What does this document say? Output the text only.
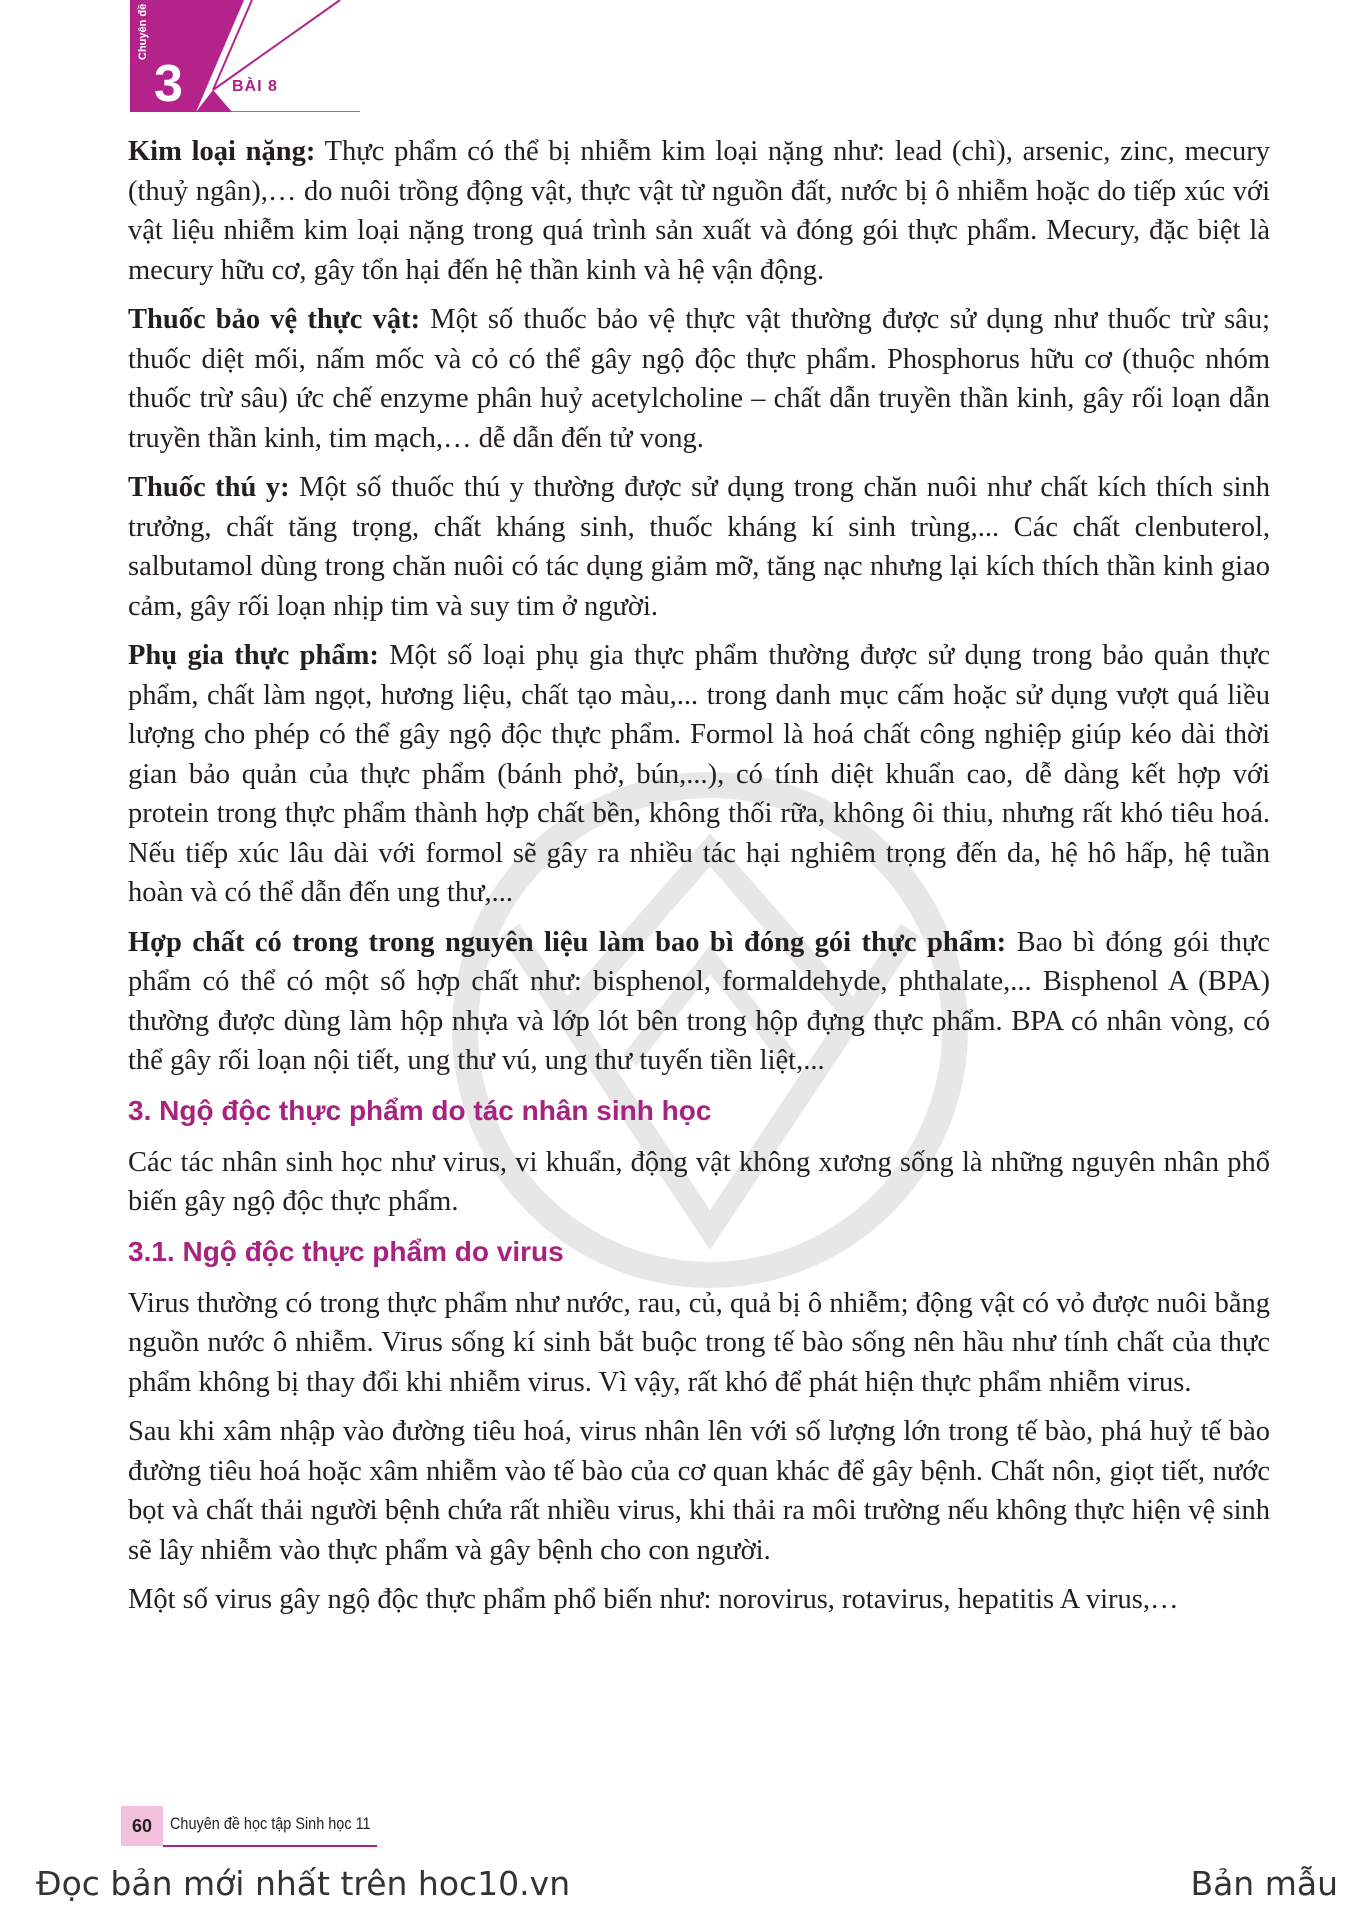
Chuyên đề
3	BÀI 8

Kim loại nặng: Thực phẩm có thể bị nhiễm kim loại nặng như: lead (chì), arsenic, zinc, mecury (thuỷ ngân),… do nuôi trồng động vật, thực vật từ nguồn đất, nước bị ô nhiễm hoặc do tiếp xúc với vật liệu nhiễm kim loại nặng trong quá trình sản xuất và đóng gói thực phẩm. Mecury, đặc biệt là mecury hữu cơ, gây tổn hại đến hệ thần kinh và hệ vận động.

Thuốc bảo vệ thực vật: Một số thuốc bảo vệ thực vật thường được sử dụng như thuốc trừ sâu; thuốc diệt mối, nấm mốc và cỏ có thể gây ngộ độc thực phẩm. Phosphorus hữu cơ (thuộc nhóm thuốc trừ sâu) ức chế enzyme phân huỷ acetylcholine – chất dẫn truyền thần kinh, gây rối loạn dẫn truyền thần kinh, tim mạch,… dễ dẫn đến tử vong.

Thuốc thú y: Một số thuốc thú y thường được sử dụng trong chăn nuôi như chất kích thích sinh trưởng, chất tăng trọng, chất kháng sinh, thuốc kháng kí sinh trùng,... Các chất clenbuterol, salbutamol dùng trong chăn nuôi có tác dụng giảm mỡ, tăng nạc nhưng lại kích thích thần kinh giao cảm, gây rối loạn nhịp tim và suy tim ở người.

Phụ gia thực phẩm: Một số loại phụ gia thực phẩm thường được sử dụng trong bảo quản thực phẩm, chất làm ngọt, hương liệu, chất tạo màu,... trong danh mục cấm hoặc sử dụng vượt quá liều lượng cho phép có thể gây ngộ độc thực phẩm. Formol là hoá chất công nghiệp giúp kéo dài thời gian bảo quản của thực phẩm (bánh phở, bún,...), có tính diệt khuẩn cao, dễ dàng kết hợp với protein trong thực phẩm thành hợp chất bền, không thối rữa, không ôi thiu, nhưng rất khó tiêu hoá. Nếu tiếp xúc lâu dài với formol sẽ gây ra nhiều tác hại nghiêm trọng đến da, hệ hô hấp, hệ tuần hoàn và có thể dẫn đến ung thư,...

Hợp chất có trong trong nguyên liệu làm bao bì đóng gói thực phẩm: Bao bì đóng gói thực phẩm có thể có một số hợp chất như: bisphenol, formaldehyde, phthalate,... Bisphenol A (BPA) thường được dùng làm hộp nhựa và lớp lót bên trong hộp đựng thực phẩm. BPA có nhân vòng, có thể gây rối loạn nội tiết, ung thư vú, ung thư tuyến tiền liệt,...

3. Ngộ độc thực phẩm do tác nhân sinh học

Các tác nhân sinh học như virus, vi khuẩn, động vật không xương sống là những nguyên nhân phổ biến gây ngộ độc thực phẩm.

3.1. Ngộ độc thực phẩm do virus

Virus thường có trong thực phẩm như nước, rau, củ, quả bị ô nhiễm; động vật có vỏ được nuôi bằng nguồn nước ô nhiễm. Virus sống kí sinh bắt buộc trong tế bào sống nên hầu như tính chất của thực phẩm không bị thay đổi khi nhiễm virus. Vì vậy, rất khó để phát hiện thực phẩm nhiễm virus.

Sau khi xâm nhập vào đường tiêu hoá, virus nhân lên với số lượng lớn trong tế bào, phá huỷ tế bào đường tiêu hoá hoặc xâm nhiễm vào tế bào của cơ quan khác để gây bệnh. Chất nôn, giọt tiết, nước bọt và chất thải người bệnh chứa rất nhiều virus, khi thải ra môi trường nếu không thực hiện vệ sinh sẽ lây nhiễm vào thực phẩm và gây bệnh cho con người.

Một số virus gây ngộ độc thực phẩm phổ biến như: norovirus, rotavirus, hepatitis A virus,…

60	Chuyên đề học tập Sinh học 11
Đọc bản mới nhất trên hoc10.vn	Bản mẫu
